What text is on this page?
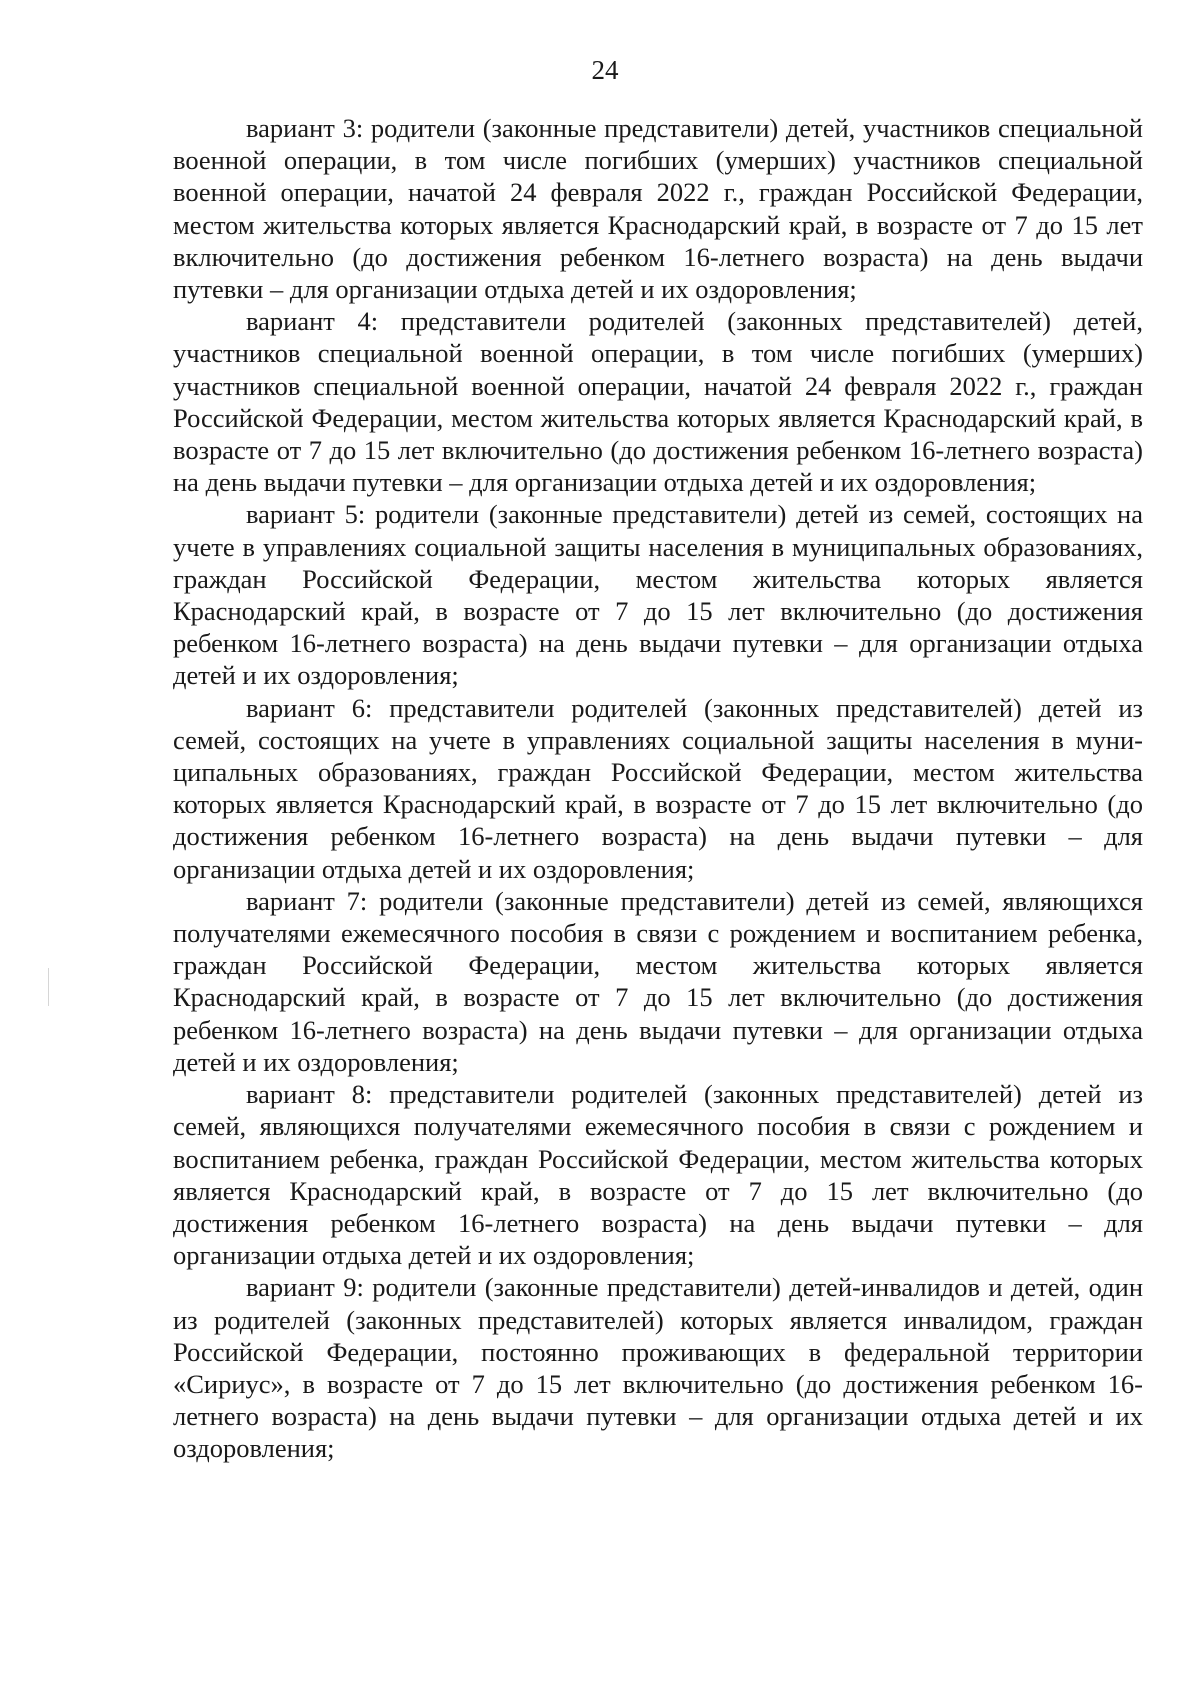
24

вариант 3: родители (законные представители) детей, участников специальной военной операции, в том числе погибших (умерших) участников специальной военной операции, начатой 24 февраля 2022 г., граждан Российской Федерации, местом жительства которых является Краснодарский край, в возрасте от 7 до 15 лет включительно (до достижения ребенком 16-летнего возраста) на день выдачи путевки – для организации отдыха детей и их оздоровления;

вариант 4: представители родителей (законных представителей) детей, участников специальной военной операции, в том числе погибших (умерших) участников специальной военной операции, начатой 24 февраля 2022 г., граждан Российской Федерации, местом жительства которых является Краснодарский край, в возрасте от 7 до 15 лет включительно (до достижения ребенком 16-летнего возраста) на день выдачи путевки – для организации отдыха детей и их оздоровления;

вариант 5: родители (законные представители) детей из семей, состоящих на учете в управлениях социальной защиты населения в муниципальных образованиях, граждан Российской Федерации, местом жительства которых является Краснодарский край, в возрасте от 7 до 15 лет включительно (до достижения ребенком 16-летнего возраста) на день выдачи путевки – для организации отдыха детей и их оздоровления;

вариант 6: представители родителей (законных представителей) детей из семей, состоящих на учете в управлениях социальной защиты населения в муниципальных образованиях, граждан Российской Федерации, местом жительства которых является Краснодарский край, в возрасте от 7 до 15 лет включительно (до достижения ребенком 16-летнего возраста) на день выдачи путевки – для организации отдыха детей и их оздоровления;

вариант 7: родители (законные представители) детей из семей, являющихся получателями ежемесячного пособия в связи с рождением и воспитанием ребенка, граждан Российской Федерации, местом жительства которых является Краснодарский край, в возрасте от 7 до 15 лет включительно (до достижения ребенком 16-летнего возраста) на день выдачи путевки – для организации отдыха детей и их оздоровления;

вариант 8: представители родителей (законных представителей) детей из семей, являющихся получателями ежемесячного пособия в связи с рождением и воспитанием ребенка, граждан Российской Федерации, местом жительства которых является Краснодарский край, в возрасте от 7 до 15 лет включительно (до достижения ребенком 16-летнего возраста) на день выдачи путевки – для организации отдыха детей и их оздоровления;

вариант 9: родители (законные представители) детей-инвалидов и детей, один из родителей (законных представителей) которых является инвалидом, граждан Российской Федерации, постоянно проживающих в федеральной территории «Сириус», в возрасте от 7 до 15 лет включительно (до достижения ребенком 16-летнего возраста) на день выдачи путевки – для организации отдыха детей и их оздоровления;
